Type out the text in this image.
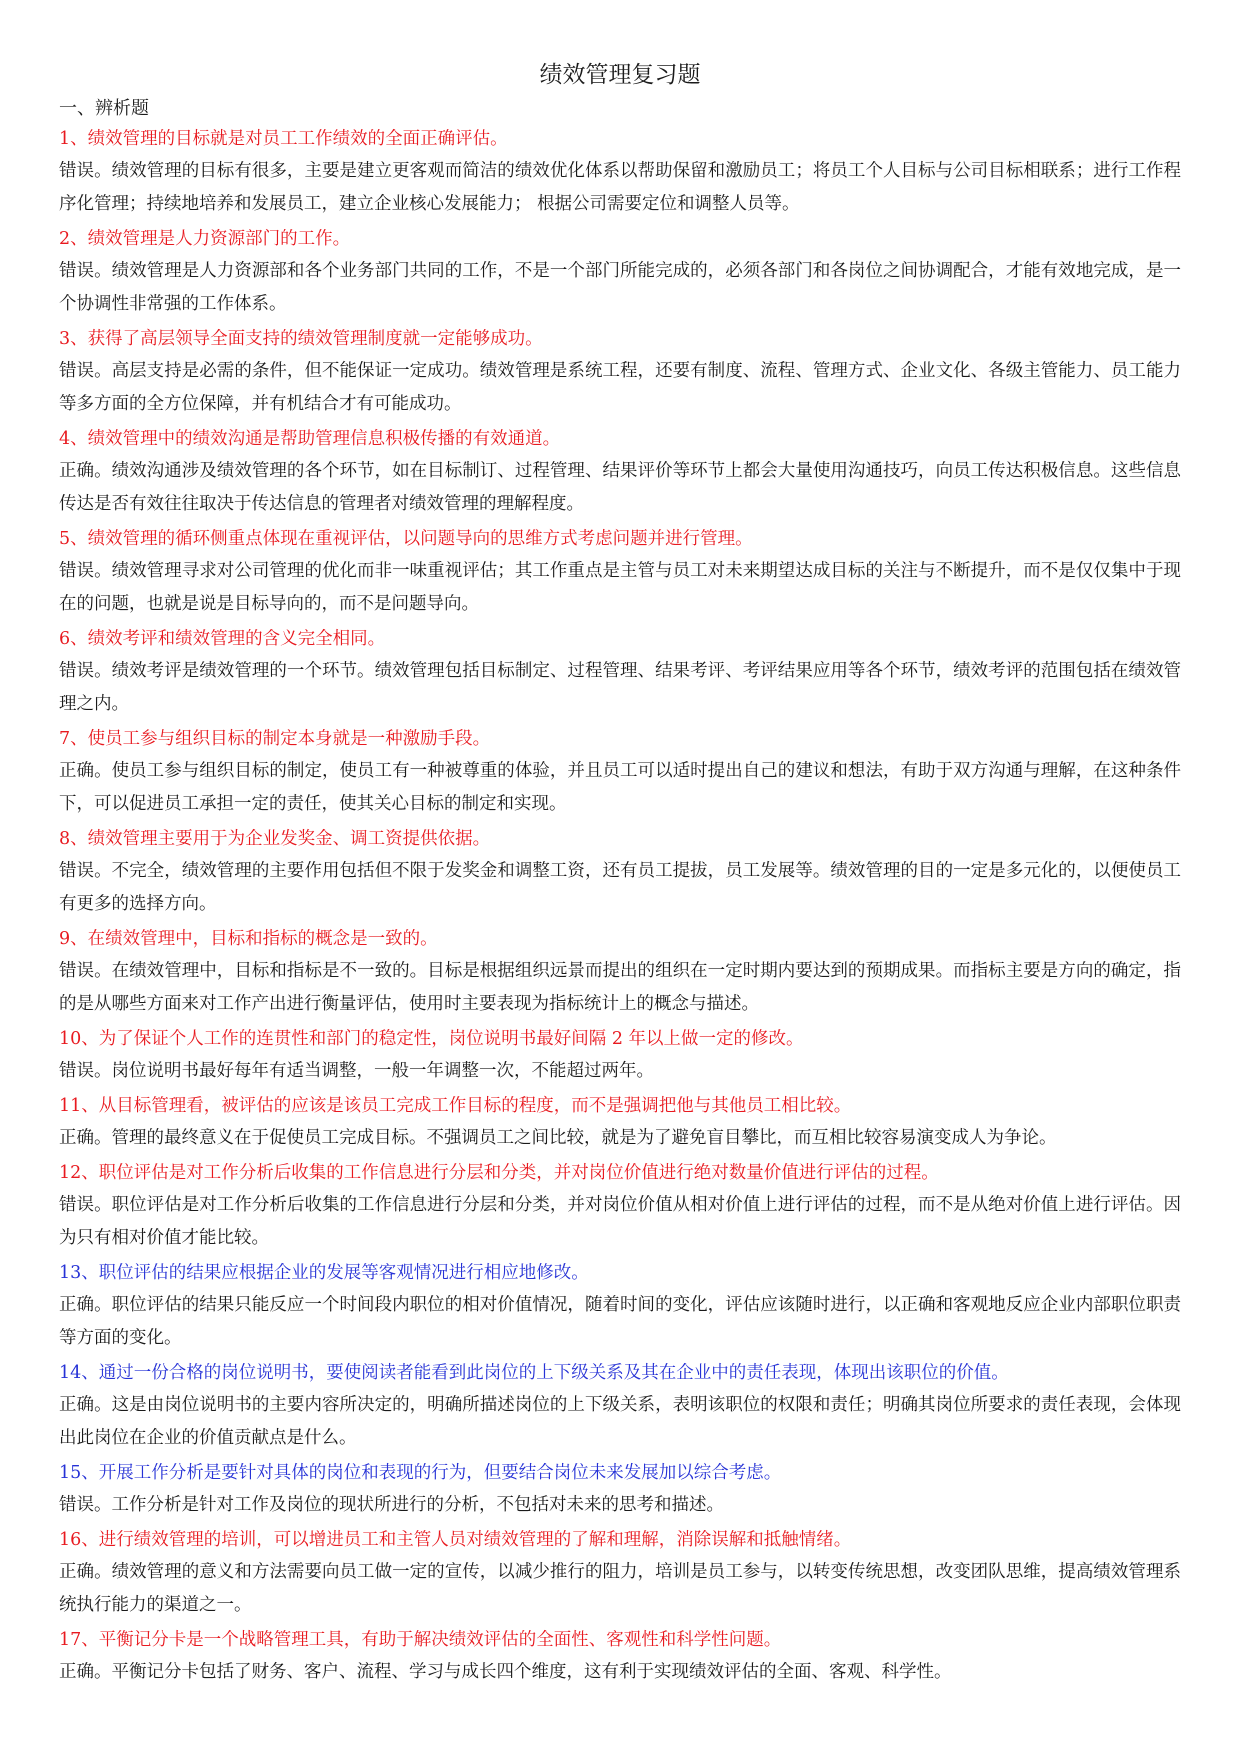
绩效管理复习题
一、辨析题
1、绩效管理的目标就是对员工工作绩效的全面正确评估。
错误。绩效管理的目标有很多，主要是建立更客观而简洁的绩效优化体系以帮助保留和激励员工；将员工个人目标与公司目标相联系；进行工作程序化管理；持续地培养和发展员工，建立企业核心发展能力； 根据公司需要定位和调整人员等。
2、绩效管理是人力资源部门的工作。
错误。绩效管理是人力资源部和各个业务部门共同的工作，不是一个部门所能完成的，必须各部门和各岗位之间协调配合，才能有效地完成，是一个协调性非常强的工作体系。
3、获得了高层领导全面支持的绩效管理制度就一定能够成功。
错误。高层支持是必需的条件，但不能保证一定成功。绩效管理是系统工程，还要有制度、流程、管理方式、企业文化、各级主管能力、员工能力等多方面的全方位保障，并有机结合才有可能成功。
4、绩效管理中的绩效沟通是帮助管理信息积极传播的有效通道。
正确。绩效沟通涉及绩效管理的各个环节，如在目标制订、过程管理、结果评价等环节上都会大量使用沟通技巧，向员工传达积极信息。这些信息传达是否有效往往取决于传达信息的管理者对绩效管理的理解程度。
5、绩效管理的循环侧重点体现在重视评估，以问题导向的思维方式考虑问题并进行管理。
错误。绩效管理寻求对公司管理的优化而非一味重视评估；其工作重点是主管与员工对未来期望达成目标的关注与不断提升，而不是仅仅集中于现在的问题，也就是说是目标导向的，而不是问题导向。
6、绩效考评和绩效管理的含义完全相同。
错误。绩效考评是绩效管理的一个环节。绩效管理包括目标制定、过程管理、结果考评、考评结果应用等各个环节，绩效考评的范围包括在绩效管理之内。
7、使员工参与组织目标的制定本身就是一种激励手段。
正确。使员工参与组织目标的制定，使员工有一种被尊重的体验，并且员工可以适时提出自己的建议和想法，有助于双方沟通与理解，在这种条件下，可以促进员工承担一定的责任，使其关心目标的制定和实现。
8、绩效管理主要用于为企业发奖金、调工资提供依据。
错误。不完全，绩效管理的主要作用包括但不限于发奖金和调整工资，还有员工提拔，员工发展等。绩效管理的目的一定是多元化的，以便使员工有更多的选择方向。
9、在绩效管理中，目标和指标的概念是一致的。
错误。在绩效管理中，目标和指标是不一致的。目标是根据组织远景而提出的组织在一定时期内要达到的预期成果。而指标主要是方向的确定，指的是从哪些方面来对工作产出进行衡量评估，使用时主要表现为指标统计上的概念与描述。
10、为了保证个人工作的连贯性和部门的稳定性，岗位说明书最好间隔 2 年以上做一定的修改。
错误。岗位说明书最好每年有适当调整，一般一年调整一次，不能超过两年。
11、从目标管理看，被评估的应该是该员工完成工作目标的程度，而不是强调把他与其他员工相比较。
正确。管理的最终意义在于促使员工完成目标。不强调员工之间比较，就是为了避免盲目攀比，而互相比较容易演变成人为争论。
12、职位评估是对工作分析后收集的工作信息进行分层和分类，并对岗位价值进行绝对数量价值进行评估的过程。
错误。职位评估是对工作分析后收集的工作信息进行分层和分类，并对岗位价值从相对价值上进行评估的过程，而不是从绝对价值上进行评估。因为只有相对价值才能比较。
13、职位评估的结果应根据企业的发展等客观情况进行相应地修改。
正确。职位评估的结果只能反应一个时间段内职位的相对价值情况，随着时间的变化，评估应该随时进行，以正确和客观地反应企业内部职位职责等方面的变化。
14、通过一份合格的岗位说明书，要使阅读者能看到此岗位的上下级关系及其在企业中的责任表现，体现出该职位的价值。
正确。这是由岗位说明书的主要内容所决定的，明确所描述岗位的上下级关系，表明该职位的权限和责任；明确其岗位所要求的责任表现，会体现出此岗位在企业的价值贡献点是什么。
15、开展工作分析是要针对具体的岗位和表现的行为，但要结合岗位未来发展加以综合考虑。
错误。工作分析是针对工作及岗位的现状所进行的分析，不包括对未来的思考和描述。
16、进行绩效管理的培训，可以增进员工和主管人员对绩效管理的了解和理解，消除误解和抵触情绪。
正确。绩效管理的意义和方法需要向员工做一定的宣传，以减少推行的阻力，培训是员工参与，以转变传统思想，改变团队思维，提高绩效管理系统执行能力的渠道之一。
17、平衡记分卡是一个战略管理工具，有助于解决绩效评估的全面性、客观性和科学性问题。
正确。平衡记分卡包括了财务、客户、流程、学习与成长四个维度，这有利于实现绩效评估的全面、客观、科学性。
